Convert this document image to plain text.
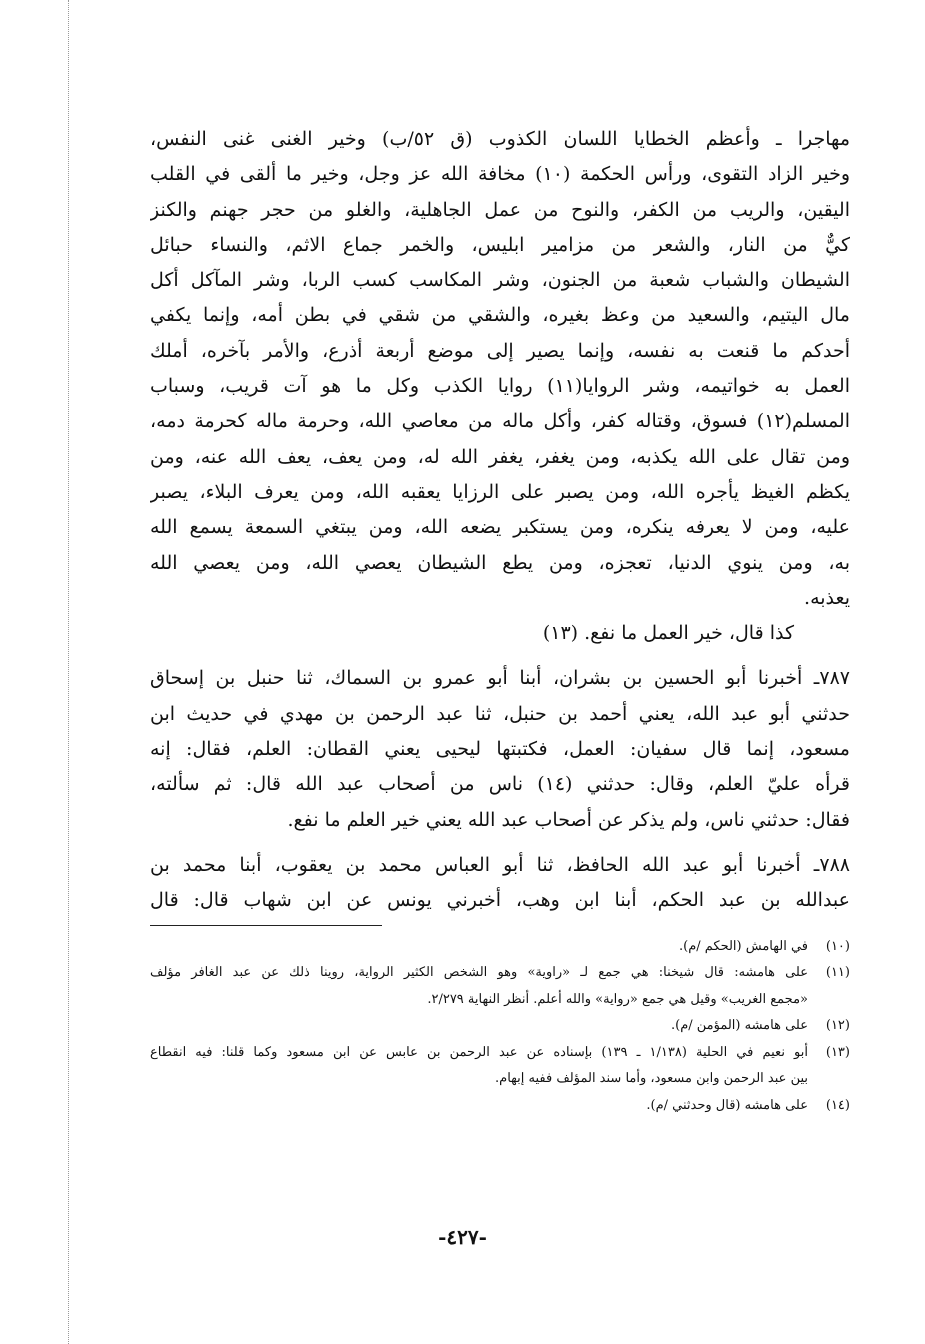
مهاجرا ـ وأعظم الخطايا اللسان الكذوب (ق ٥٢/ب) وخير الغنى غنى النفس،
وخير الزاد التقوى، ورأس الحكمة (١٠) مخافة الله عز وجل، وخير ما ألقى في القلب
اليقين، والريب من الكفر، والنوح من عمل الجاهلية، والغلو من حجر جهنم والكنز
كيٌّ من النار، والشعر من مزامير ابليس، والخمر جماع الاثم، والنساء حبائل
الشيطان والشباب شعبة من الجنون، وشر المكاسب كسب الربا، وشر المآكل أكل
مال اليتيم، والسعيد من وعظ بغيره، والشقي من شقي في بطن أمه، وإنما يكفي
أحدكم ما قنعت به نفسه، وإنما يصير إلى موضع أربعة أذرع، والأمر بآخره، أملك
العمل به خواتيمه، وشر الروايا(١١) روايا الكذب وكل ما هو آت قريب، وسباب
المسلم(١٢) فسوق، وقتاله كفر، وأكل ماله من معاصي الله، وحرمة ماله كحرمة دمه،
ومن تقال على الله يكذبه، ومن يغفر، يغفر الله له، ومن يعف، يعف الله عنه، ومن
يكظم الغيظ يأجره الله، ومن يصبر على الرزايا يعقبه الله، ومن يعرف البلاء، يصبر
عليه، ومن لا يعرفه ينكره، ومن يستكبر يضعه الله، ومن يبتغي السمعة يسمع الله
به، ومن ينوي الدنيا، تعجزه، ومن يطع الشيطان يعصي الله، ومن يعصي الله
يعذبه.
كذا قال، خير العمل ما نفع. (١٣)
٧٨٧ـ أخبرنا أبو الحسين بن بشران، أبنا أبو عمرو بن السماك، ثنا حنبل بن إسحاق
حدثني أبو عبد الله، يعني أحمد بن حنبل، ثنا عبد الرحمن بن مهدي في حديث ابن
مسعود، إنما قال سفيان: العمل، فكتبتها ليحيى يعني القطان: العلم، فقال: إنه
قرأه عليّ العلم، وقال: حدثني (١٤) ناس من أصحاب عبد الله قال: ثم سألته،
فقال: حدثني ناس، ولم يذكر عن أصحاب عبد الله يعني خير العلم ما نفع.
٧٨٨ـ أخبرنا أبو عبد الله الحافظ، ثنا أبو العباس محمد بن يعقوب، أبنا محمد بن
عبدالله بن عبد الحكم، أبنا ابن وهب، أخبرني يونس عن ابن شهاب قال: قال
(١٠)
في الهامش (الحكم /م).
(١١)
على هامشه: قال شيخنا: هي جمع لـ «راوية» وهو الشخص الكثير الرواية، روينا ذلك عن عبد الغافر مؤلف
«مجمع الغريب» وقيل هي جمع «رواية» والله أعلم. أنظر النهاية ٢/٢٧٩.
(١٢)
على هامشه (المؤمن /م).
(١٣)
أبو نعيم في الحلية (١/١٣٨ ـ ١٣٩) بإسناده عن عبد الرحمن بن عابس عن ابن مسعود وكما قلنا: فيه انقطاع
بين عبد الرحمن وابن مسعود، وأما سند المؤلف ففيه إبهام.
(١٤)
على هامشه (قال وحدثني /م).
-٤٢٧-
